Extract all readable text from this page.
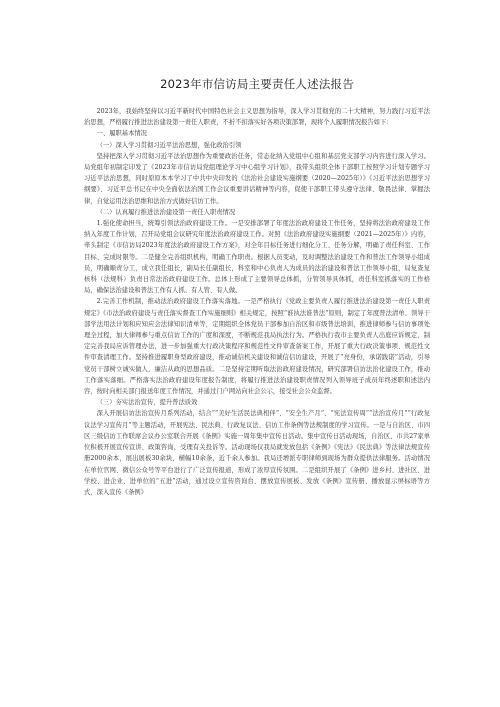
2023年市信访局主要责任人述法报告

2023年，我始终坚持以习近平新时代中国特色社会主义思想为指导，深入学习贯彻党的二十大精神，努力践行习近平法治思想，严格履行推进法治建设第一责任人职责，不折不扣落实好各项决策部署，现将个人履职情况报告如下：

一、履职基本情况

（一）深入学习贯彻习近平法治思想，强化政治引领

坚持把深入学习贯彻习近平法治思想作为重要政治任务，常态化纳入党组中心组和基层党支部学习内容进行深入学习。局党组年初制定印发了《2023年市信访局党组理论学习中心组学习计划》，我带头组织全体干部职工按照学习计划专题学习习近平法治思想，同时原原本本学习了中共中央印发的《法治社会建设实施纲要（2020—2025年）》《习近平法治思想学习纲要》、习近平总书记在中央全面依法治国工作会议重要讲话精神等内容，促使干部职工带头遵守法律、敬畏法律、掌握法律，自觉运用法治思维和法治方式做好信访工作。

（二）认真履行推进法治建设第一责任人职责情况

1.强化使命担当，统筹引领法治政府建设工作。一是安排部署了年度法治政府建设工作任务，坚持将法治政府建设工作纳入年度工作计划，召开局党组会议研究年度法治政府建设工作。对照《法治政府建设实施纲要（2021—2025年）》内容，牵头制定《市信访局2023年度法治政府建设工作方案》，对全年目标任务进行细化分工、任务分解，明确了责任科室、工作目标、完成时限等。二是健全完善组织机构，明确工作职责。根据人员变动，及时调整法治建设工作和普法工作领导小组成员，明确顺责分工，成立我任组长，副局长任副组长，科室和中心负责人为成员的法治建设和普法工作领导小组，局复查复核科（法规科）负责日常法治政府建设工作。总体上形成了主要领导总体抓，分管领导具体抓，责任科室抓落实的工作格局，确保法治建设和普法工作有人抓、有人管、有人做。

2.完善工作机制，推动法治政府建设工作落实落地。一是严格执行《党政主要负责人履行推进法治建设第一责任人职责规定》《市法治政府建设与责任落实督查工作实施细则》相关规定，按照“谁执法谁普法”原则，制定了年度普法清单、领导干部学法用法计划和应知应会法律知识清单等，定期组织全体党员干部参加自治区和市级普法培训，推进律师参与信访事项处理全过程，加大律师参与重点信访工作的广度和深度，不断规范我局执法行为。严格执行我市主要负责人出庭应诉规定，制定完善我局应诉管理办法，进一步加强重大行政决策程序和规范性文件审查备案工作，开展了重大行政决策事项、规范性文件审查清理工作。坚持推进履职身型政府建设，推动诚信机关建设和诚信信访建设，开展了“亮身份，承诺践诺”活动，引导党员干部树立诚实做人，廉洁从政的思想品质。二是坚持定期听取法治政府建设情况，研究部署信访法治化建设工作，推动工作落实落细。严格落实法治政府建设年度报告制度，将履行推进法治建设职责情况列入领导班子成员年终述职和述法内容，按时向相关部门报送年度工作情况，并通过门户网站向社会公示，接受社会公众监督。

（三）夯实法治宣传，提升普法质效

深入开展信访法治宣传月系列活动，结合“”美好生活民法典相伴”、“安全生产月”、“宪法宣传周”“法治宣传月”“行政复议法学习宣传月”等主题活动，开展宪法、民法典、行政复议法、信访工作条例等法规制度的学习宣传。一是与自治区、市四区三级信访工作联席会议办公室联合开展《条例》实施一周年集中宣传日活动。集中宣传日活动现场，自治区、市共27家单位积极开展宣传宣讲、政策咨询，受理有关投诉等。活动现场仅我局就发放包括《条例》《宪法》《民法典》等法律法规宣传册2000余本，展出展板30余块，横幅10余条，近千余人参加。我局还增派专职律师到现场为群众提供法律服务。活动情况在单位官网、微信公众号等平台进行了广泛宣传报道，形成了浓厚宣传氛围。二是组织开展了《条例》进乡村、进社区、进学校、进企业、进单位的“五进”活动，通过设立宣传咨询台、摆放宣传展板、发放《条例》宣传册、播放显示屏标语等方式，深入宣传《条例》
